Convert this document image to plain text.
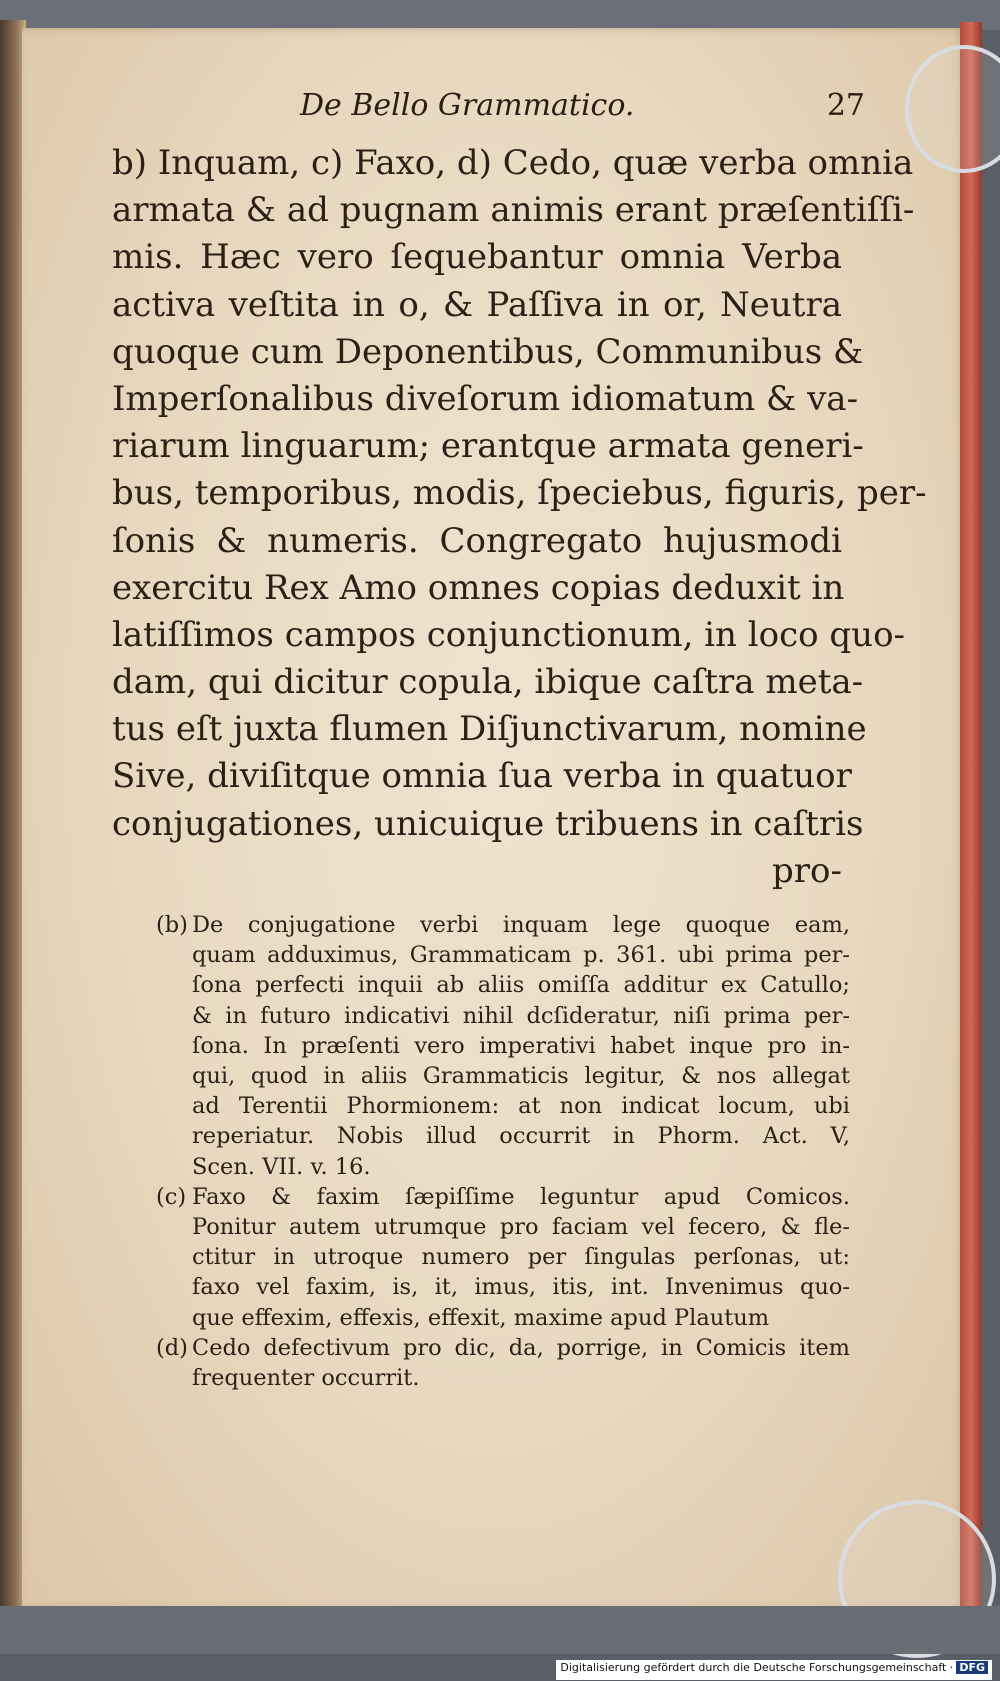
De Bello Grammatico.	27
b) Inquam, c) Faxo, d) Cedo, quæ verba omnia
armata & ad pugnam animis erant præſentiſſi-
mis. Hæc vero ſequebantur omnia Verba
activa veſtita in o, & Paſſiva in or, Neutra
quoque cum Deponentibus, Communibus &
Imperſonalibus diveſorum idiomatum & va-
riarum linguarum; erantque armata generi-
bus, temporibus, modis, ſpeciebus, figuris, per-
ſonis & numeris. Congregato hujusmodi
exercitu Rex Amo omnes copias deduxit in
latiſſimos campos conjunctionum, in loco quo-
dam, qui dicitur copula, ibique caſtra meta-
tus eſt juxta flumen Diſjunctivarum, nomine
Sive, diviſitque omnia ſua verba in quatuor
conjugationes, unicuique tribuens in caſtris
pro-
(b) De conjugatione verbi inquam lege quoque eam,
quam adduximus, Grammaticam p. 361. ubi prima per-
ſona perfecti inquii ab aliis omiſſa additur ex Catullo;
& in futuro indicativi nihil dcſideratur, niſi prima per-
ſona. In præſenti vero imperativi habet inque pro in-
qui, quod in aliis Grammaticis legitur, & nos allegat
ad Terentii Phormionem: at non indicat locum, ubi
reperiatur. Nobis illud occurrit in Phorm. Act. V,
Scen. VII. v. 16.
(c) Faxo & faxim ſæpiſſime leguntur apud Comicos.
Ponitur autem utrumque pro faciam vel fecero, & fle-
ctitur in utroque numero per ſingulas perſonas, ut:
faxo vel faxim, is, it, imus, itis, int. Invenimus quo-
que effexim, effexis, effexit, maxime apud Plautum
(d) Cedo defectivum pro dic, da, porrige, in Comicis item
frequenter occurrit.
Digitalisierung gefördert durch die Deutsche Forschungsgemeinschaft · DFG
